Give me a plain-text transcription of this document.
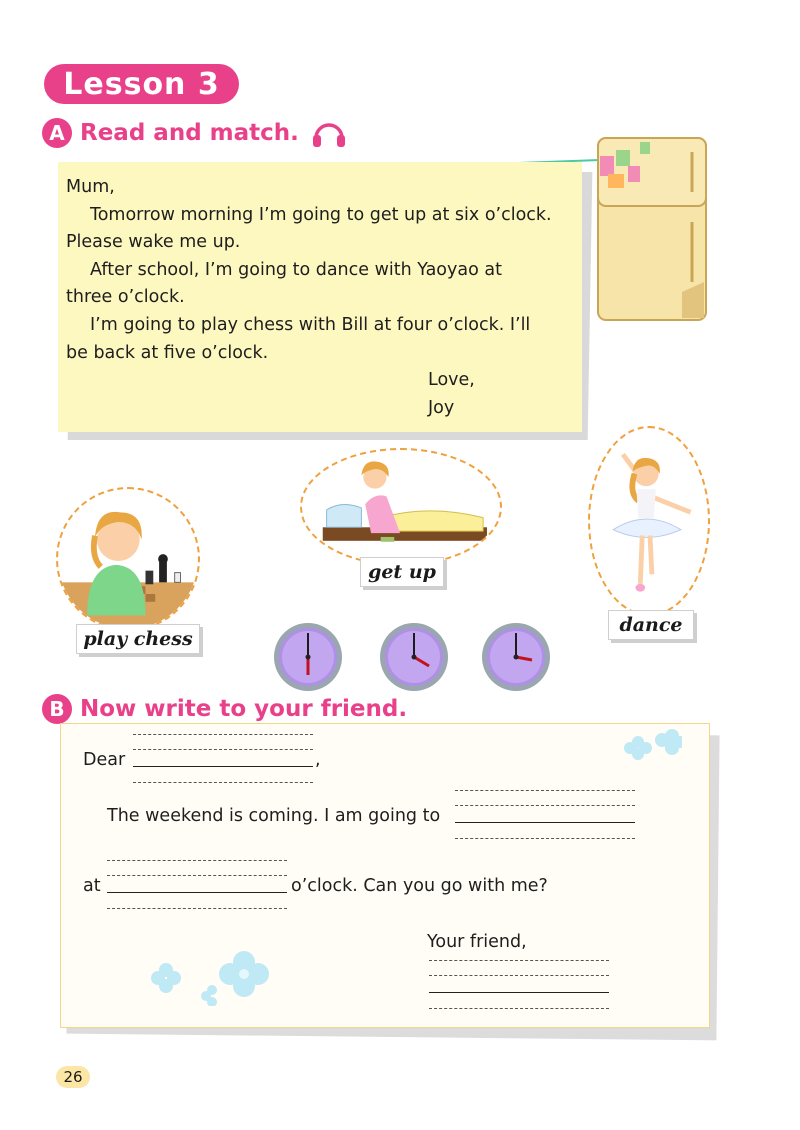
Lesson 3
A Read and match.

Mum,

Tomorrow morning I’m going to get up at six o’clock.

Please wake me up.

After school, I’m going to dance with Yaoyao at

three o’clock.

I’m going to play chess with Bill at four o’clock. I’ll

be back at five o’clock.

Love,

Joy

play chess
get up
dance
B Now write to your friend.
Dear	,
The weekend is coming. I am going to
at	o’clock. Can you go with me?
Your friend,
26
